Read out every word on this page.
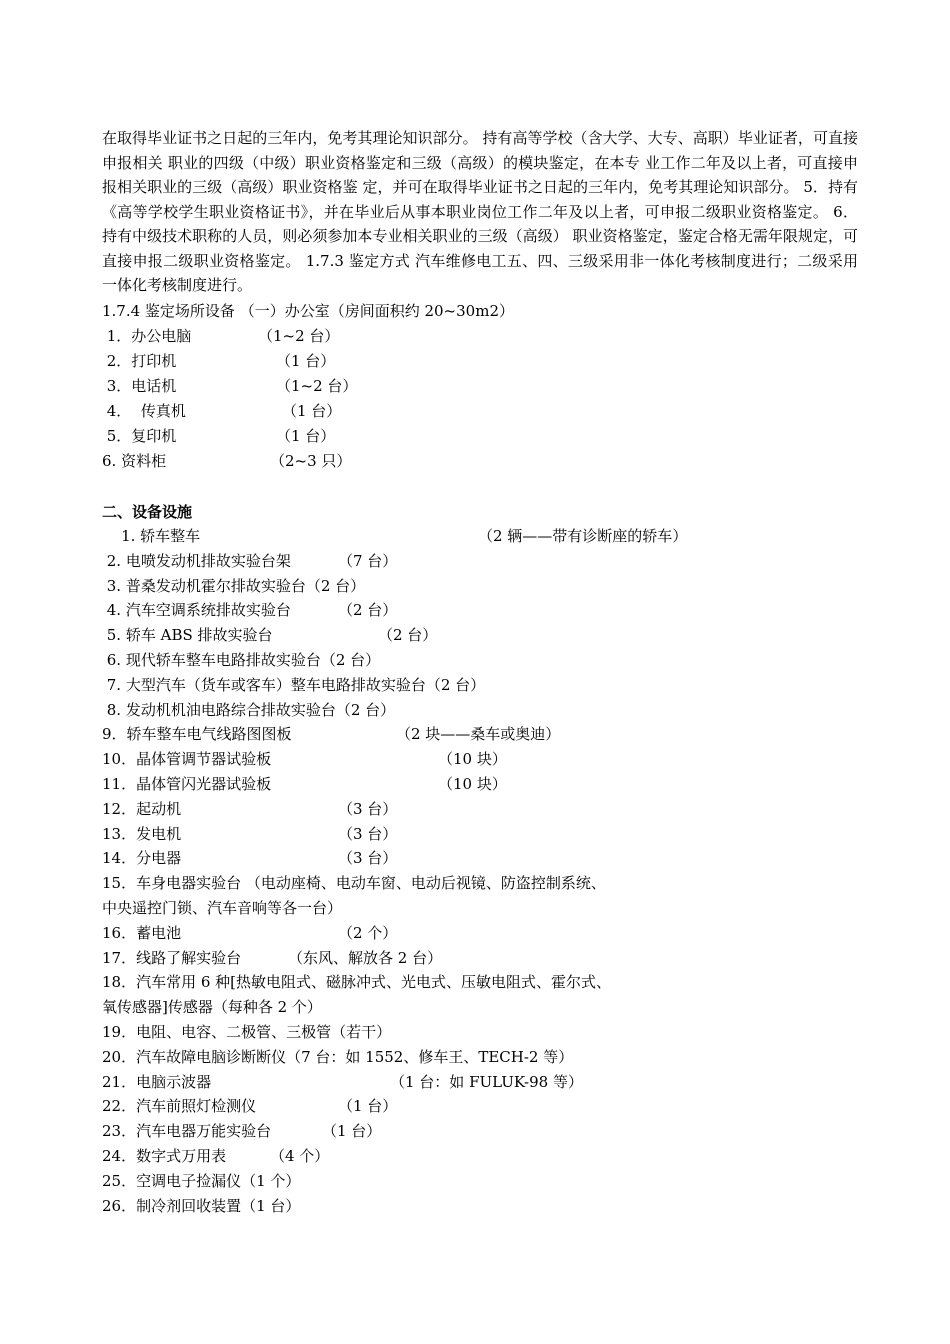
在取得毕业证书之日起的三年内，免考其理论知识部分。 持有高等学校（含大学、大专、高职）毕业证者，可直接申报相关 职业的四级（中级）职业资格鉴定和三级（高级）的模块鉴定，在本专 业工作二年及以上者，可直接申报相关职业的三级（高级）职业资格鉴 定，并可在取得毕业证书之日起的三年内，免考其理论知识部分。 5．持有《高等学校学生职业资格证书》，并在毕业后从事本职业岗位工作二年及以上者，可申报二级职业资格鉴定。 6．持有中级技术职称的人员，则必须参加本专业相关职业的三级（高级） 职业资格鉴定，鉴定合格无需年限规定，可直接申报二级职业资格鉴定。 1.7.3 鉴定方式 汽车维修电工五、四、三级采用非一体化考核制度进行；二级采用一体化考核制度进行。
1.7.4 鉴定场所设备 （一）办公室（房间面积约 20~30m2）
1．办公电脑	（1~2 台）
2．打印机	（1 台）
3．电话机	（1~2 台）
4．  传真机	（1 台）
5．复印机	（1 台）
6. 资料柜	（2~3 只）
二、设备设施
1. 轿车整车	（2 辆——带有诊断座的轿车）
2. 电喷发动机排故实验台架	（7 台）
3. 普桑发动机霍尔排故实验台（2 台）
4. 汽车空调系统排故实验台	（2 台）
5. 轿车 ABS 排故实验台	（2 台）
6. 现代轿车整车电路排故实验台（2 台）
7. 大型汽车（货车或客车）整车电路排故实验台（2 台）
8. 发动机机油电路综合排故实验台（2 台）
9．轿车整车电气线路图图板	（2 块——桑车或奥迪）
10．晶体管调节器试验板	（10 块）
11．晶体管闪光器试验板	（10 块）
12．起动机	（3 台）
13．发电机	（3 台）
14．分电器	（3 台）
15．车身电器实验台 （电动座椅、电动车窗、电动后视镜、防盗控制系统、
中央遥控门锁、汽车音响等各一台）
16．蓄电池	（2 个）
17．线路了解实验台	（东风、解放各 2 台）
18．汽车常用 6 种[热敏电阻式、磁脉冲式、光电式、压敏电阻式、霍尔式、
氧传感器]传感器（每种各 2 个）
19．电阻、电容、二极管、三极管（若干）
20．汽车故障电脑诊断断仪（7 台：如 1552、修车王、TECH-2 等）
21．电脑示波器	（1 台：如 FULUK-98 等）
22．汽车前照灯检测仪	（1 台）
23．汽车电器万能实验台	（1 台）
24．数字式万用表	（4 个）
25．空调电子捡漏仪（1 个）
26．制冷剂回收装置（1 台）
